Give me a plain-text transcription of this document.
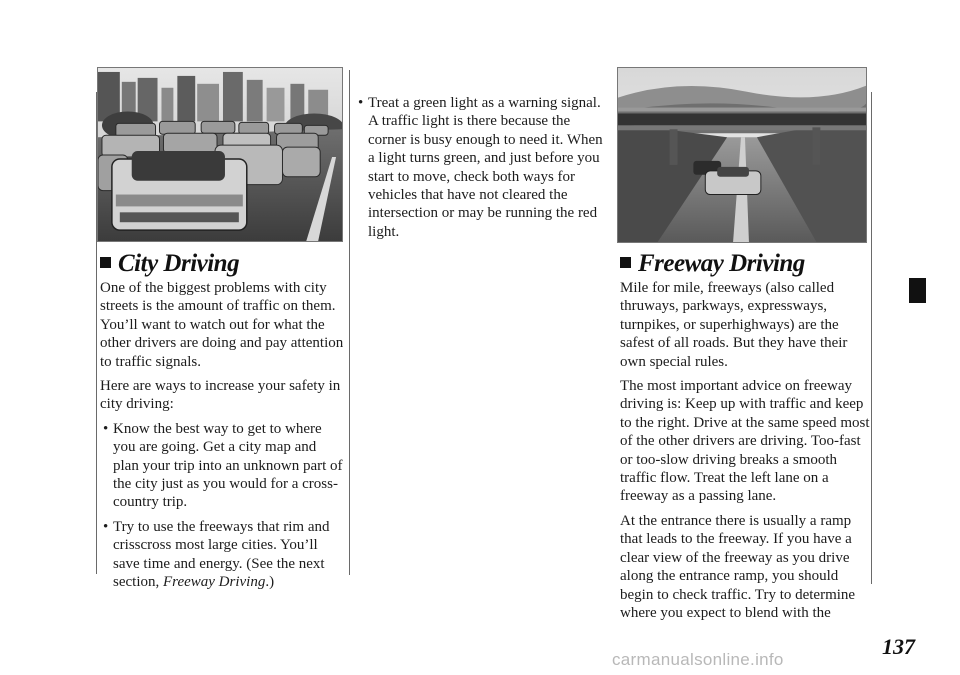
City Driving

One of the biggest problems with city streets is the amount of traffic on them. You’ll want to watch out for what the other drivers are doing and pay attention to traffic signals.

Here are ways to increase your safety in city driving:

• Know the best way to get to where you are going. Get a city map and plan your trip into an unknown part of the city just as you would for a cross-country trip.
• Try to use the freeways that rim and crisscross most large cities. You’ll save time and energy. (See the next section, Freeway Driving.)
• Treat a green light as a warning signal. A traffic light is there because the corner is busy enough to need it. When a light turns green, and just before you start to move, check both ways for vehicles that have not cleared the intersection or may be running the red light.
Freeway Driving

Mile for mile, freeways (also called thruways, parkways, expressways, turnpikes, or superhighways) are the safest of all roads. But they have their own special rules.

The most important advice on freeway driving is: Keep up with traffic and keep to the right. Drive at the same speed most of the other drivers are driving. Too-fast or too-slow driving breaks a smooth traffic flow. Treat the left lane on a freeway as a passing lane.

At the entrance there is usually a ramp that leads to the freeway. If you have a clear view of the freeway as you drive along the entrance ramp, you should begin to check traffic. Try to determine where you expect to blend with the

137
carmanualsonline.info
